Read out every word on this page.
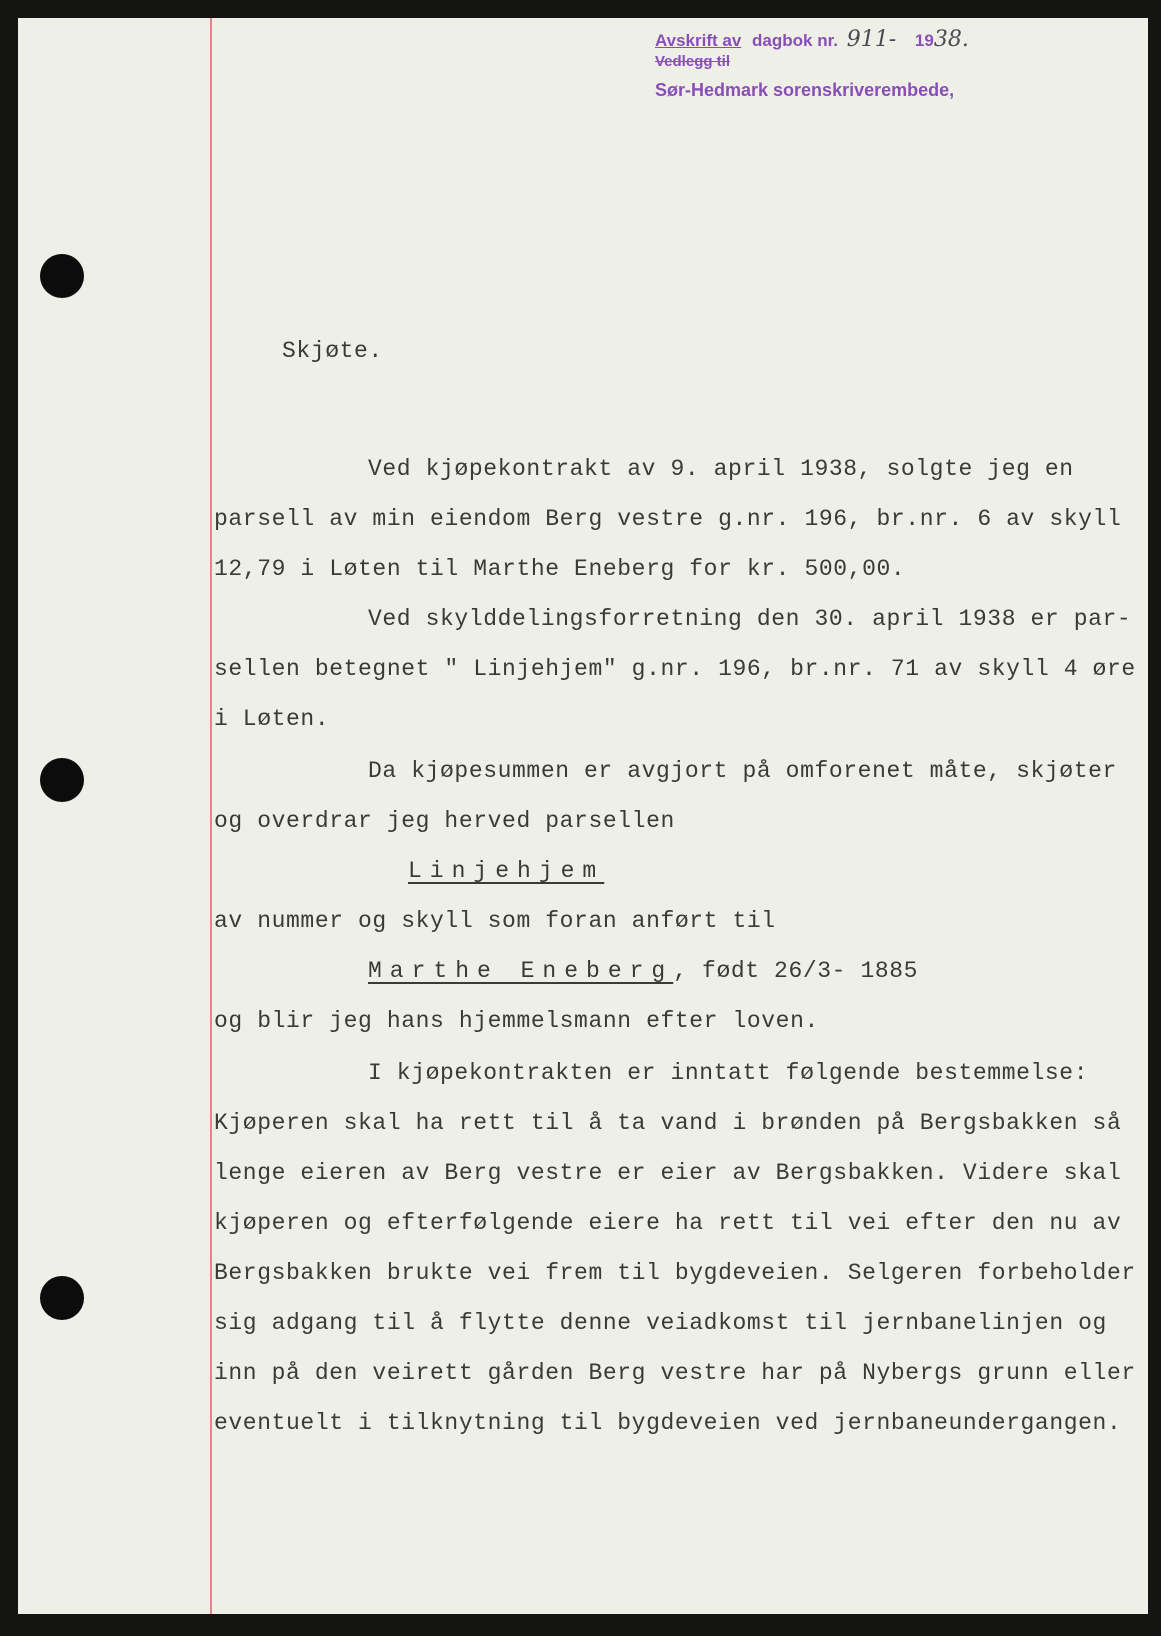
Avskrift av dagbok nr. 911- 1938.
Vedlegg til
Sør-Hedmark sorenskriverembede,
Skjøte.
Ved kjøpekontrakt av 9. april 1938, solgte jeg en
parsell av min eiendom Berg vestre g.nr. 196, br.nr. 6 av skyll
12,79 i Løten til Marthe Eneberg for kr. 500,00.
Ved skylddelingsforretning den 30. april 1938 er par-
sellen betegnet " Linjehjem" g.nr. 196, br.nr. 71 av skyll 4 øre
i Løten.
Da kjøpesummen er avgjort på omforenet måte, skjøter
og overdrar jeg herved parsellen
Linjehjem
av nummer og skyll som foran anført til
Marthe Eneberg, født 26/3- 1885
og blir jeg hans hjemmelsmann efter loven.
I kjøpekontrakten er inntatt følgende bestemmelse:
Kjøperen skal ha rett til å ta vand i brønden på Bergsbakken så
lenge eieren av Berg vestre er eier av Bergsbakken. Videre skal
kjøperen og efterfølgende eiere ha rett til vei efter den nu av
Bergsbakken brukte vei frem til bygdeveien. Selgeren forbeholder
sig adgang til å flytte denne veiadkomst til jernbanelinjen og
inn på den veirett gården Berg vestre har på Nybergs grunn eller
eventuelt i tilknytning til bygdeveien ved jernbaneundergangen.
